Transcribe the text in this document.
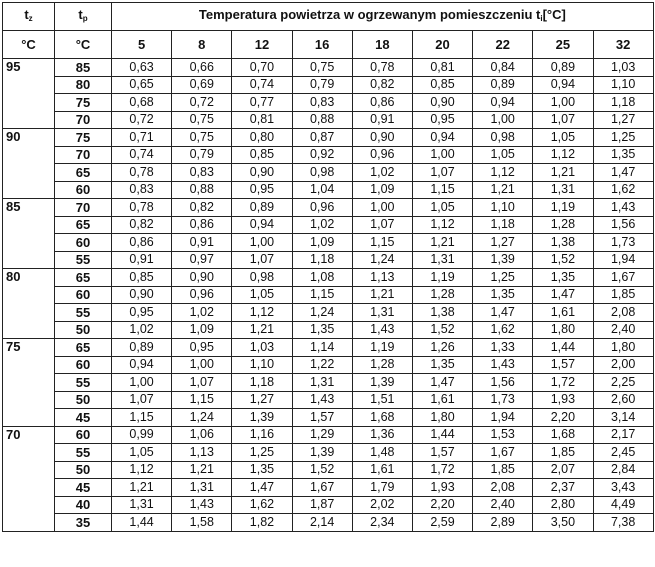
$t_z$	$t_p$	Temperatura powietrza w ogrzewanym pomieszczeniu $t_i[^\circ C]$								
°C	°C	5	8	12	16	18	20	22	25	32
95	85	0,63	0,66	0,70	0,75	0,78	0,81	0,84	0,89	1,03
	80	0,65	0,69	0,74	0,79	0,82	0,85	0,89	0,94	1,10
	75	0,68	0,72	0,77	0,83	0,86	0,90	0,94	1,00	1,18
	70	0,72	0,75	0,81	0,88	0,91	0,95	1,00	1,07	1,27
90	75	0,71	0,75	0,80	0,87	0,90	0,94	0,98	1,05	1,25
	70	0,74	0,79	0,85	0,92	0,96	1,00	1,05	1,12	1,35
	65	0,78	0,83	0,90	0,98	1,02	1,07	1,12	1,21	1,47
	60	0,83	0,88	0,95	1,04	1,09	1,15	1,21	1,31	1,62
85	70	0,78	0,82	0,89	0,96	1,00	1,05	1,10	1,19	1,43
	65	0,82	0,86	0,94	1,02	1,07	1,12	1,18	1,28	1,56
	60	0,86	0,91	1,00	1,09	1,15	1,21	1,27	1,38	1,73
	55	0,91	0,97	1,07	1,18	1,24	1,31	1,39	1,52	1,94
80	65	0,85	0,90	0,98	1,08	1,13	1,19	1,25	1,35	1,67
	60	0,90	0,96	1,05	1,15	1,21	1,28	1,35	1,47	1,85
	55	0,95	1,02	1,12	1,24	1,31	1,38	1,47	1,61	2,08
	50	1,02	1,09	1,21	1,35	1,43	1,52	1,62	1,80	2,40
75	65	0,89	0,95	1,03	1,14	1,19	1,26	1,33	1,44	1,80
	60	0,94	1,00	1,10	1,22	1,28	1,35	1,43	1,57	2,00
	55	1,00	1,07	1,18	1,31	1,39	1,47	1,56	1,72	2,25
	50	1,07	1,15	1,27	1,43	1,51	1,61	1,73	1,93	2,60
	45	1,15	1,24	1,39	1,57	1,68	1,80	1,94	2,20	3,14
70	60	0,99	1,06	1,16	1,29	1,36	1,44	1,53	1,68	2,17
	55	1,05	1,13	1,25	1,39	1,48	1,57	1,67	1,85	2,45
	50	1,12	1,21	1,35	1,52	1,61	1,72	1,85	2,07	2,84
	45	1,21	1,31	1,47	1,67	1,79	1,93	2,08	2,37	3,43
	40	1,31	1,43	1,62	1,87	2,02	2,20	2,40	2,80	4,49
	35	1,44	1,58	1,82	2,14	2,34	2,59	2,89	3,50	7,38
